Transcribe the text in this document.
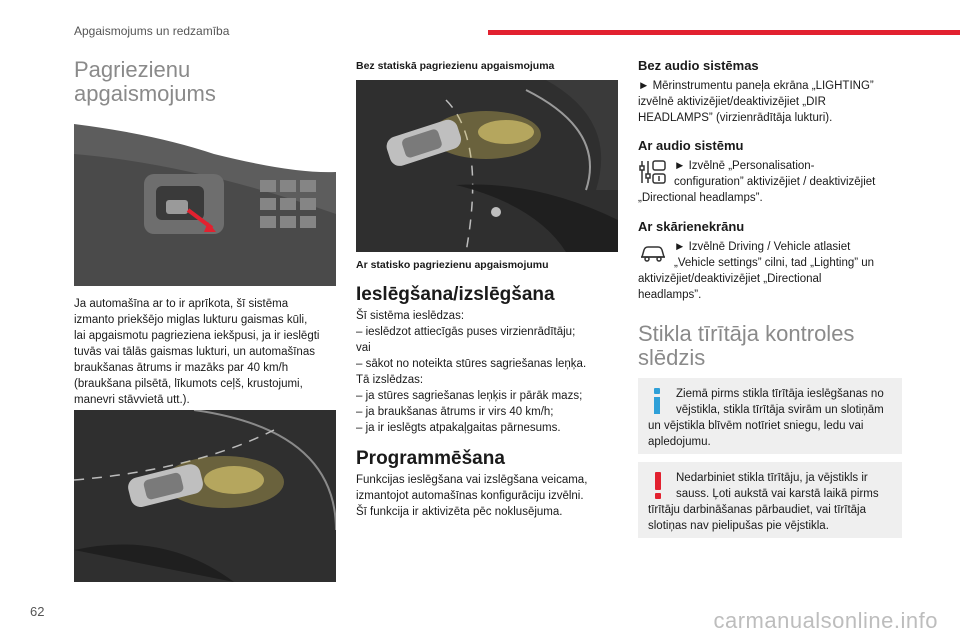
Apgaismojums un redzamība
Pagriezienu
apgaismojums

Ja automašīna ar to ir aprīkota, šī sistēma

izmanto priekšējo miglas lukturu gaismas kūli,

lai apgaismotu pagrieziena iekšpusi, ja ir ieslēgti

tuvās vai tālās gaismas lukturi, un automašīnas

braukšanas ātrums ir mazāks par 40 km/h

(braukšana pilsētā, līkumots ceļš, krustojumi,

manevri stāvvietā utt.).

Bez statiskā pagriezienu apgaismojuma
Ar statisko pagriezienu apgaismojumu
Ieslēgšana/izslēgšana

Šī sistēma ieslēdzas:

– ieslēdzot attiecīgās puses virzienrādītāju;

vai

– sākot no noteikta stūres sagriešanas leņķa.

Tā izslēdzas:

– ja stūres sagriešanas leņķis ir pārāk mazs;

– ja braukšanas ātrums ir virs 40 km/h;

– ja ir ieslēgts atpakaļgaitas pārnesums.

Programmēšana

Funkcijas ieslēgšana vai izslēgšana veicama,

izmantojot automašīnas konfigurāciju izvēlni.

Šī funkcija ir aktivizēta pēc noklusējuma.

Bez audio sistēmas

► Mērinstrumentu paneļa ekrāna „LIGHTING”

izvēlnē aktivizējiet/deaktivizējiet „DIR

HEADLAMPS” (virzienrādītāja lukturi).

Ar audio sistēmu

► Izvēlnē „Personalisation-

configuration” aktivizējiet / deaktivizējiet

„Directional headlamps”.

Ar skārienekrānu

► Izvēlnē Driving / Vehicle atlasiet

„Vehicle settings” cilni, tad „Lighting” un

aktivizējiet/deaktivizējiet „Directional

headlamps”.

Stikla tīrītāja kontroles
slēdzis

Ziemā pirms stikla tīrītāja ieslēgšanas no

vējstikla, stikla tīrītāja svirām un slotiņām

un vējstikla blīvēm notīriet sniegu, ledu vai

apledojumu.

Nedarbiniet stikla tīrītāju, ja vējstikls ir

sauss. Ļoti aukstā vai karstā laikā pirms

tīrītāju darbināšanas pārbaudiet, vai tīrītāja

slotiņas nav pielipušas pie vējstikla.

62	carmanualsonline.info
